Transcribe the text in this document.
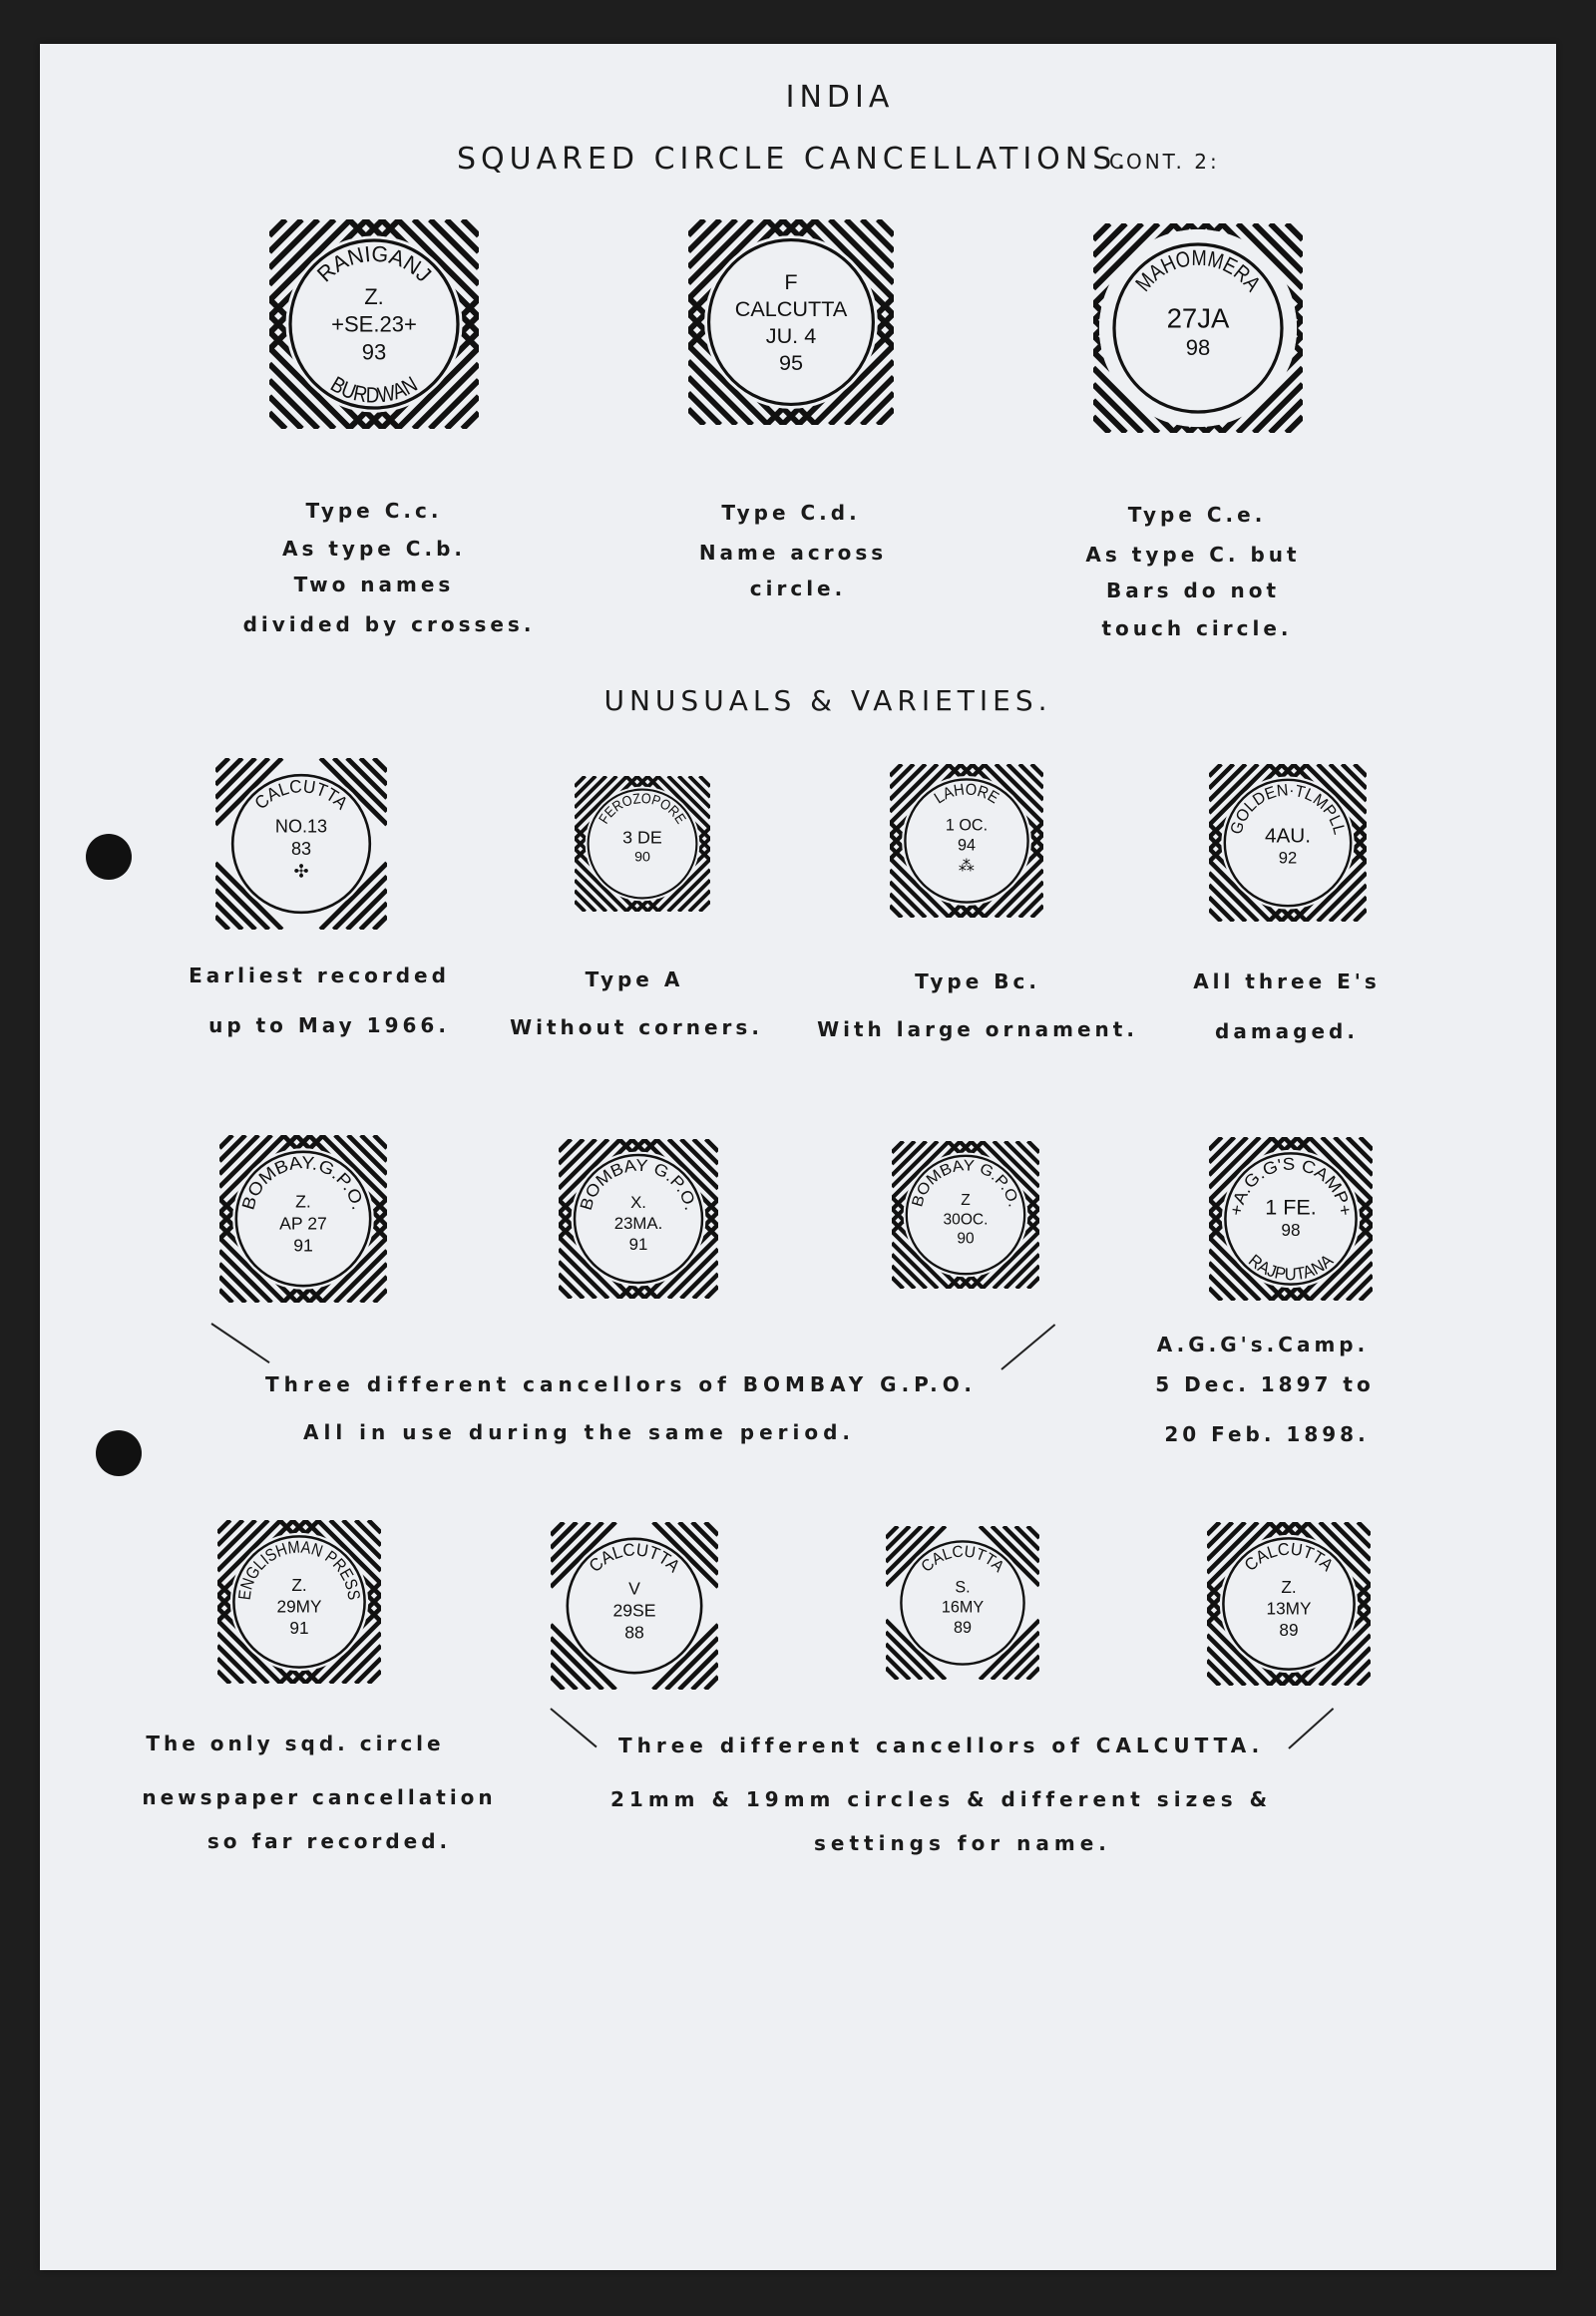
INDIA
SQUARED CIRCLE CANCELLATIONS.
CONT. 2:
RANIGANJ
BURDWAN
Z.
+SE.23+
93
F
CALCUTTA
JU. 4
95
MAHOMMERA
27JA
98
Type C.c.
As type C.b.
Two names
divided by crosses.
Type C.d.
Name across
circle.
Type C.e.
As type C. but
Bars do not
touch circle.
UNUSUALS & VARIETIES.
CALCUTTA
NO.13
83
✣
FEROZOPORE
3 DE
90
LAHORE
1 OC.
94
⁂
GOLDEN·TLMPLL
4AU.
92
Earliest recorded
up to May 1966.
Type A
Without corners.
Type Bc.
With large ornament.
All three E's
damaged.
BOMBAY.G.P.O.
Z.
AP 27
91
BOMBAY G.P.O.
X.
23MA.
91
BOMBAY G.P.O.
Z
30OC.
90
+A.G.G'S CAMP+
RAJPUTANA
1 FE.
98
Three different cancellors of BOMBAY G.P.O.
All in use during the same period.
A.G.G's.Camp.
5 Dec. 1897 to
20 Feb. 1898.
ENGLISHMAN PRESS
Z.
29MY
91
CALCUTTA
V
29SE
88
CALCUTTA
S.
16MY
89
CALCUTTA
Z.
13MY
89
The only sqd. circle
newspaper cancellation
so far recorded.
Three different cancellors of CALCUTTA.
21mm & 19mm circles & different sizes &
settings for name.
